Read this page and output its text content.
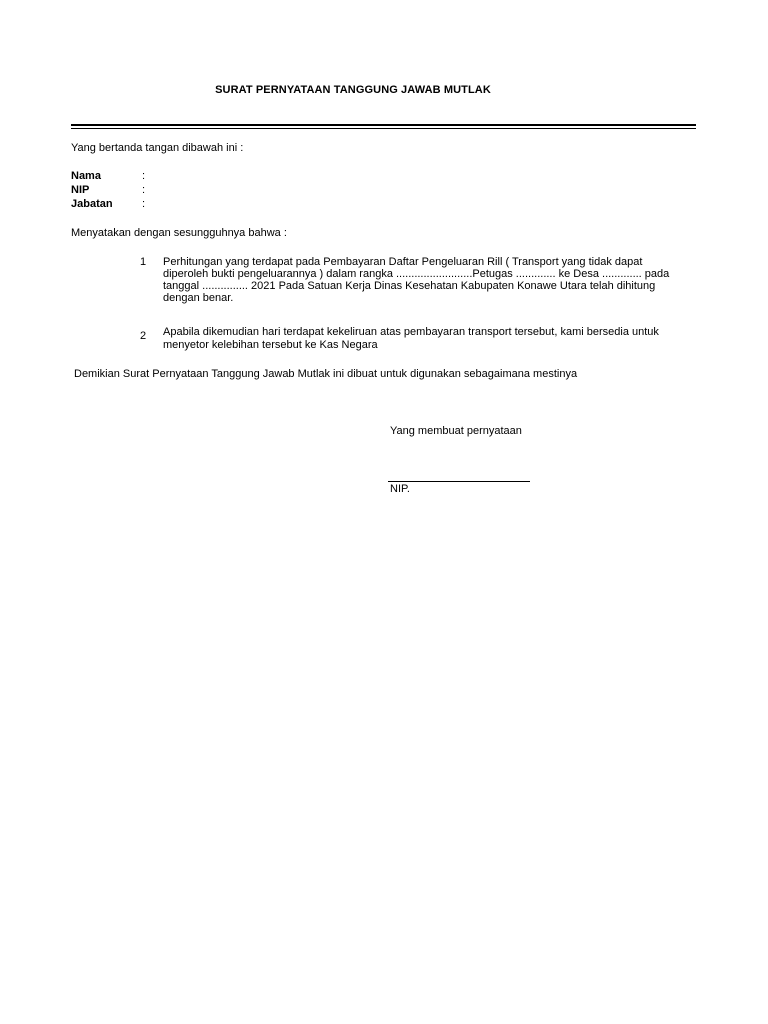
SURAT PERNYATAAN TANGGUNG JAWAB MUTLAK
Yang bertanda tangan dibawah ini :
Nama	:
NIP	:
Jabatan	:
Menyatakan dengan sesungguhnya bahwa :
1 Perhitungan yang terdapat pada Pembayaran Daftar Pengeluaran Rill ( Transport yang tidak dapat
diperoleh bukti pengeluarannya ) dalam rangka .........................Petugas ............. ke Desa ............. pada
tanggal ............... 2021 Pada Satuan Kerja Dinas Kesehatan Kabupaten Konawe Utara telah dihitung
dengan benar.
2 Apabila dikemudian hari terdapat kekeliruan atas pembayaran transport tersebut, kami bersedia untuk
menyetor kelebihan tersebut ke Kas Negara
Demikian Surat Pernyataan Tanggung Jawab Mutlak ini dibuat untuk digunakan sebagaimana mestinya
Yang membuat pernyataan
NIP.
